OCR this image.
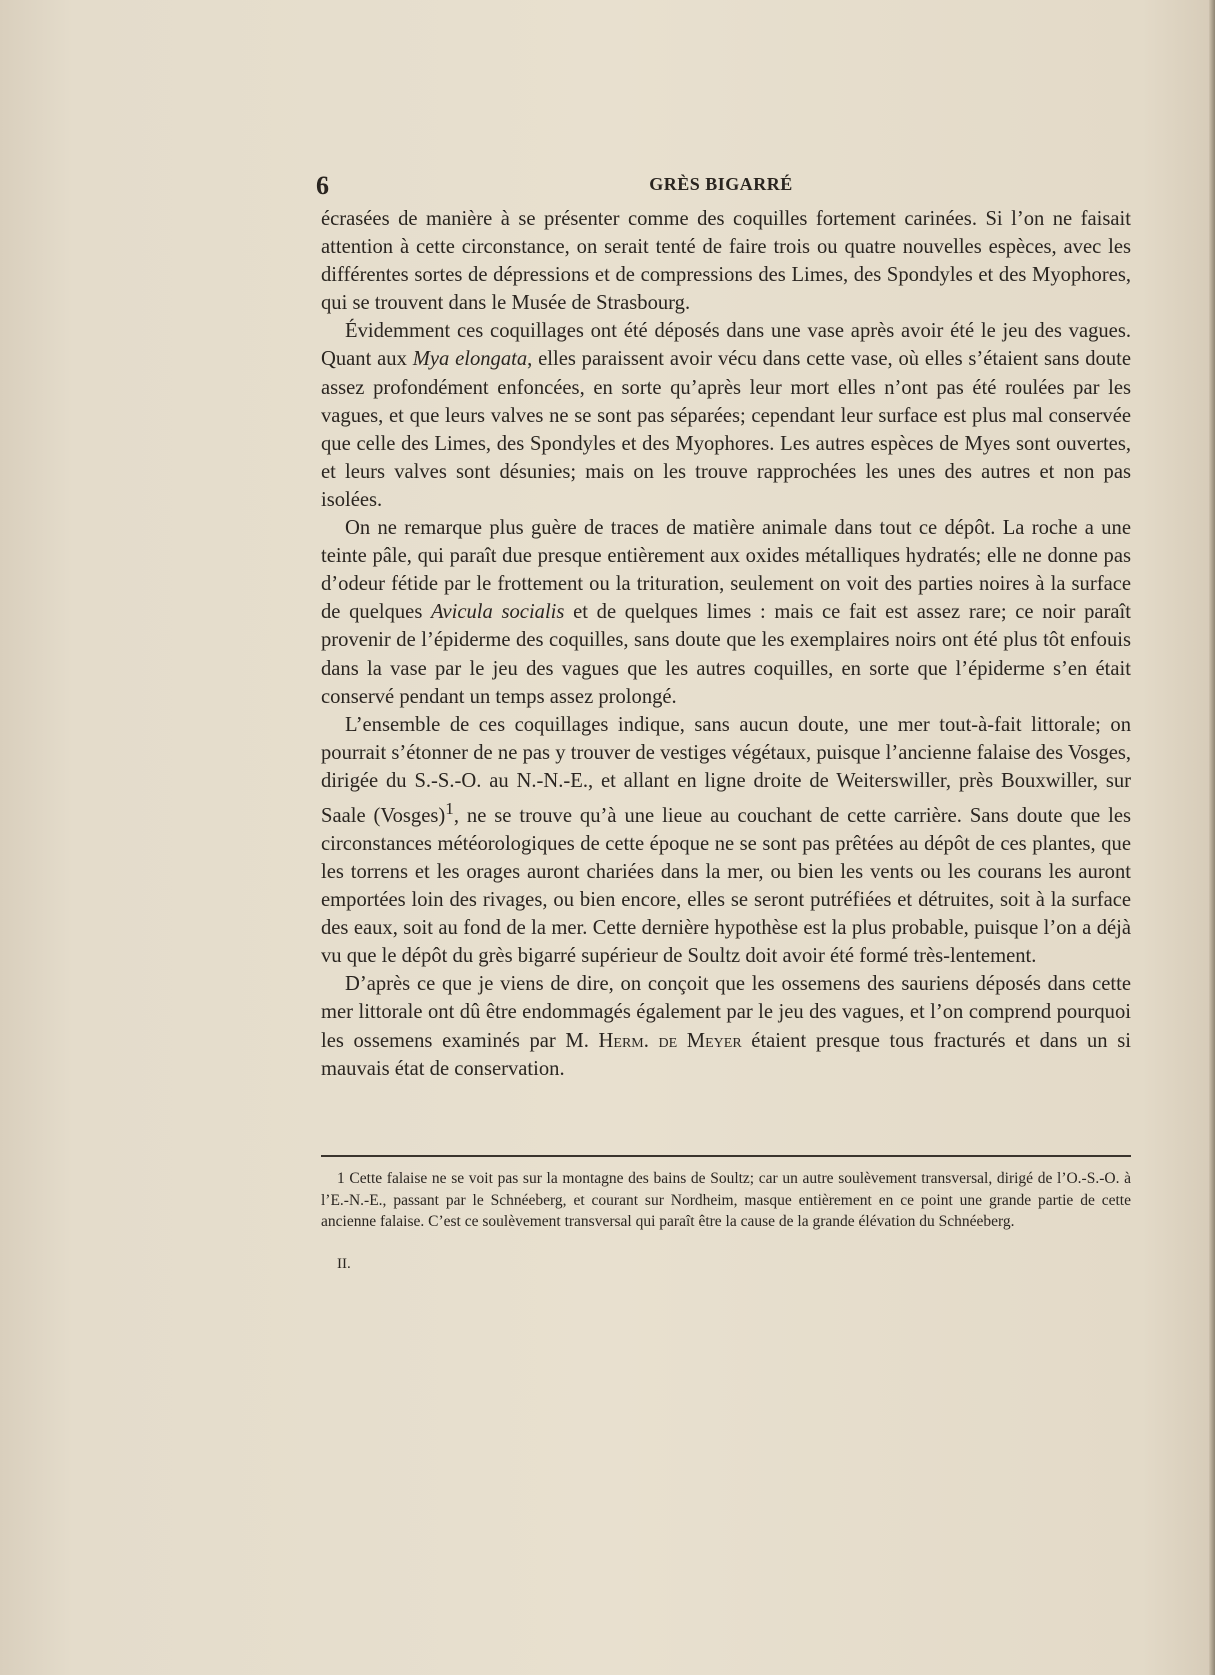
6	GRÈS BIGARRÉ

écrasées de manière à se présenter comme des coquilles fortement carinées. Si l’on ne faisait attention à cette circonstance, on serait tenté de faire trois ou quatre nouvelles espèces, avec les différentes sortes de dépressions et de compressions des Limes, des Spondyles et des Myophores, qui se trouvent dans le Musée de Strasbourg.

Évidemment ces coquillages ont été déposés dans une vase après avoir été le jeu des vagues. Quant aux Mya elongata, elles paraissent avoir vécu dans cette vase, où elles s’étaient sans doute assez profondément enfoncées, en sorte qu’après leur mort elles n’ont pas été roulées par les vagues, et que leurs valves ne se sont pas séparées; cependant leur surface est plus mal conservée que celle des Limes, des Spondyles et des Myophores. Les autres espèces de Myes sont ouvertes, et leurs valves sont désunies; mais on les trouve rapprochées les unes des autres et non pas isolées.

On ne remarque plus guère de traces de matière animale dans tout ce dépôt. La roche a une teinte pâle, qui paraît due presque entièrement aux oxides métalliques hydratés; elle ne donne pas d’odeur fétide par le frottement ou la trituration, seulement on voit des parties noires à la surface de quelques Avicula socialis et de quelques limes : mais ce fait est assez rare; ce noir paraît provenir de l’épiderme des coquilles, sans doute que les exemplaires noirs ont été plus tôt enfouis dans la vase par le jeu des vagues que les autres coquilles, en sorte que l’épiderme s’en était conservé pendant un temps assez prolongé.

L’ensemble de ces coquillages indique, sans aucun doute, une mer tout-à-fait littorale; on pourrait s’étonner de ne pas y trouver de vestiges végétaux, puisque l’ancienne falaise des Vosges, dirigée du S.-S.-O. au N.-N.-E., et allant en ligne droite de Weiterswiller, près Bouxwiller, sur Saale (Vosges)$^1$, ne se trouve qu’à une lieue au couchant de cette carrière. Sans doute que les circonstances météorologiques de cette époque ne se sont pas prêtées au dépôt de ces plantes, que les torrens et les orages auront chariées dans la mer, ou bien les vents ou les courans les auront emportées loin des rivages, ou bien encore, elles se seront putréfiées et détruites, soit à la surface des eaux, soit au fond de la mer. Cette dernière hypothèse est la plus probable, puisque l’on a déjà vu que le dépôt du grès bigarré supérieur de Soultz doit avoir été formé très-lentement.

D’après ce que je viens de dire, on conçoit que les ossemens des sauriens déposés dans cette mer littorale ont dû être endommagés également par le jeu des vagues, et l’on comprend pourquoi les ossemens examinés par M. Herm. de Meyer étaient presque tous fracturés et dans un si mauvais état de conservation.

1 Cette falaise ne se voit pas sur la montagne des bains de Soultz; car un autre soulèvement transversal, dirigé de l’O.-S.-O. à l’E.-N.-E., passant par le Schnéeberg, et courant sur Nordheim, masque entièrement en ce point une grande partie de cette ancienne falaise. C’est ce soulèvement transversal qui paraît être la cause de la grande élévation du Schnéeberg.

II.
